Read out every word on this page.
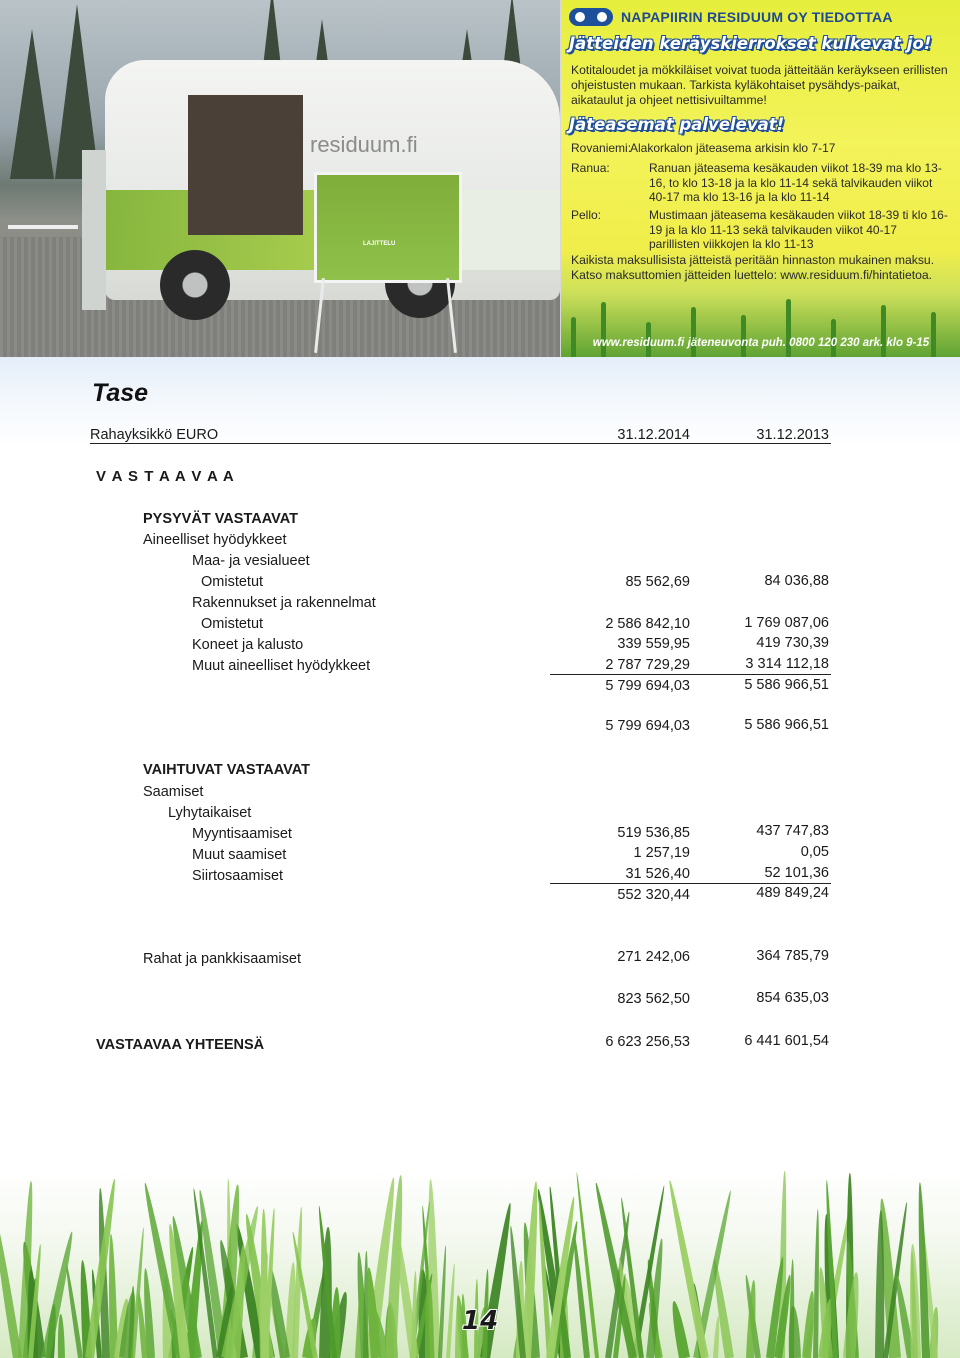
residuum.fi
LAJITTELU
NAPAPIIRIN RESIDUUM OY TIEDOTTAA
Jätteiden keräyskierrokset kulkevat jo!
Kotitaloudet ja mökkiläiset voivat tuoda jätteitään keräykseen erillisten ohjeistusten mukaan. Tarkista kyläkohtaiset pysähdys-paikat, aikataulut ja ohjeet nettisivuiltamme!
Jäteasemat palvelevat!
Rovaniemi:
Alakorkalon jäteasema arkisin klo 7-17
Ranua:	Ranuan jäteasema kesäkauden viikot 18-39 ma klo 13-16, to klo 13-18 ja la klo 11-14 sekä talvikauden viikot 40-17 ma klo 13-16 ja la klo 11-14
Pello:	Mustimaan jäteasema kesäkauden viikot 18-39 ti klo 16-19 ja la klo 11-13 sekä talvikauden viikot 40-17 parillisten viikkojen la klo 11-13
Kaikista maksullisista jätteistä peritään hinnaston mukainen maksu. Katso maksuttomien jätteiden luettelo: www.residuum.fi/hintatietoa.
www.residuum.fi jäteneuvonta puh. 0800 120 230 ark. klo 9-15
Tase
Rahayksikkö EURO	31.12.2014	31.12.2013
V A S T A A V A A
PYSYVÄT VASTAAVAT
Aineelliset hyödykkeet
Maa- ja vesialueet
Omistetut	85 562,69	84 036,88
Rakennukset ja rakennelmat
Omistetut	2 586 842,10	1 769 087,06
Koneet ja kalusto	339 559,95	419 730,39
Muut aineelliset hyödykkeet	2 787 729,29	3 314 112,18
5 799 694,03	5 586 966,51
5 799 694,03	5 586 966,51
VAIHTUVAT VASTAAVAT
Saamiset
Lyhytaikaiset
Myyntisaamiset	519 536,85	437 747,83
Muut saamiset	1 257,19	0,05
Siirtosaamiset	31 526,40	52 101,36
552 320,44	489 849,24
Rahat ja pankkisaamiset	271 242,06	364 785,79
823 562,50	854 635,03
VASTAAVAA YHTEENSÄ	6 623 256,53	6 441 601,54
14
